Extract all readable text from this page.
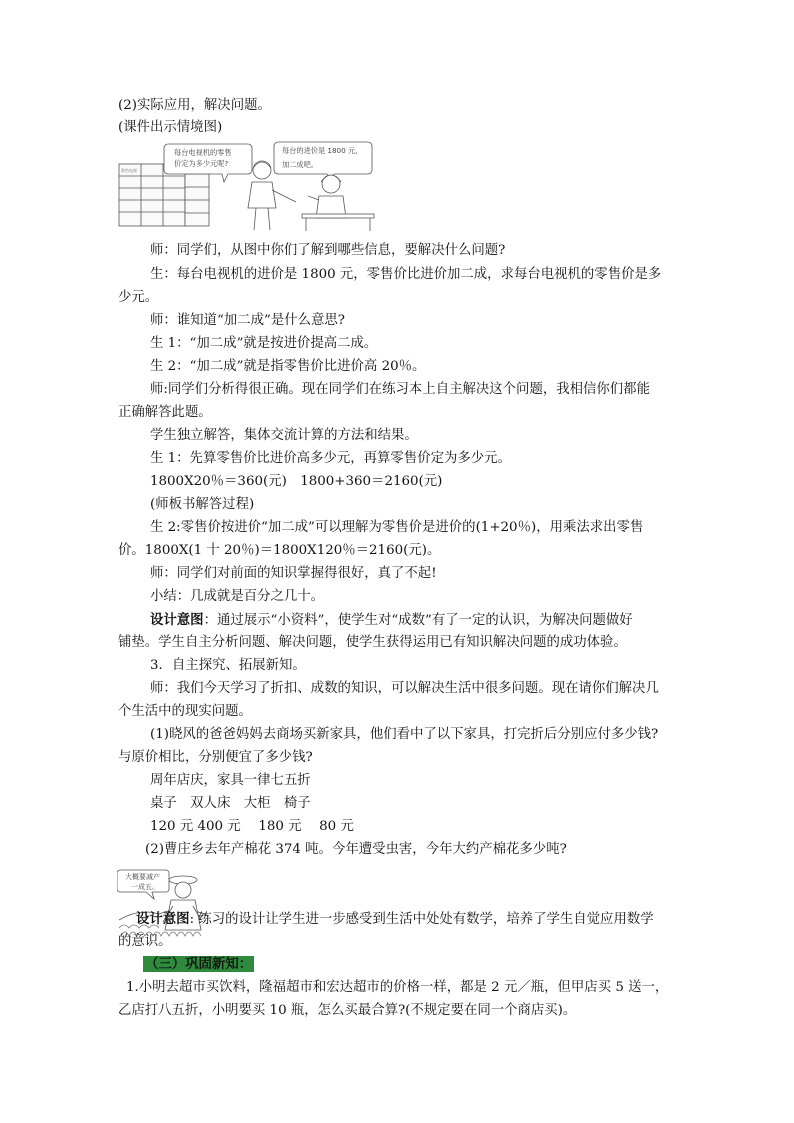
(2)实际应用，解决问题。
(课件出示情境图)
每台电视机的零售
价定为多少元呢?
每台的进价是 1800 元，
加二成吧。
彩色电视
师：同学们，从图中你们了解到哪些信息，要解决什么问题?
生：每台电视机的进价是 1800 元，零售价比进价加二成，求每台电视机的零售价是多
少元。
师：谁知道“加二成”是什么意思?
生 1：“加二成”就是按进价提高二成。
生 2：“加二成”就是指零售价比进价高 20％。
师:同学们分析得很正确。现在同学们在练习本上自主解决这个问题，我相信你们都能
正确解答此题。
学生独立解答，集体交流计算的方法和结果。
生 1：先算零售价比进价高多少元，再算零售价定为多少元。
1800X20％＝360(元)　1800+360＝2160(元)
(师板书解答过程)
生 2:零售价按进价“加二成”可以理解为零售价是进价的(1+20％)，用乘法求出零售
价。1800X(1 十 20％)＝1800X120％＝2160(元)。
师：同学们对前面的知识掌握得很好，真了不起!
小结：几成就是百分之几十。
设计意图：通过展示“小资料”，使学生对“成数”有了一定的认识，为解决问题做好
铺垫。学生自主分析问题、解决问题，使学生获得运用已有知识解决问题的成功体验。
3．自主探究、拓展新知。
师：我们今天学习了折扣、成数的知识，可以解决生活中很多问题。现在请你们解决几
个生活中的现实问题。
(1)晓风的爸爸妈妈去商场买新家具，他们看中了以下家具，打完折后分别应付多少钱?
与原价相比，分别便宜了多少钱?
周年店庆，家具一律七五折
桌子　双人床　大柜　椅子
120 元 400 元　 180 元　 80 元
(2)曹庄乡去年产棉花 374 吨。今年遭受虫害，今年大约产棉花多少吨?
大概要减产
一成五。
设计意图: 练习的设计让学生进一步感受到生活中处处有数学，培养了学生自觉应用数学
的意识。
（三）巩固新知：
1.小明去超市买饮料，隆福超市和宏达超市的价格一样，都是 2 元／瓶，但甲店买 5 送一，
乙店打八五折，小明要买 10 瓶，怎么买最合算?(不规定要在同一个商店买)。
